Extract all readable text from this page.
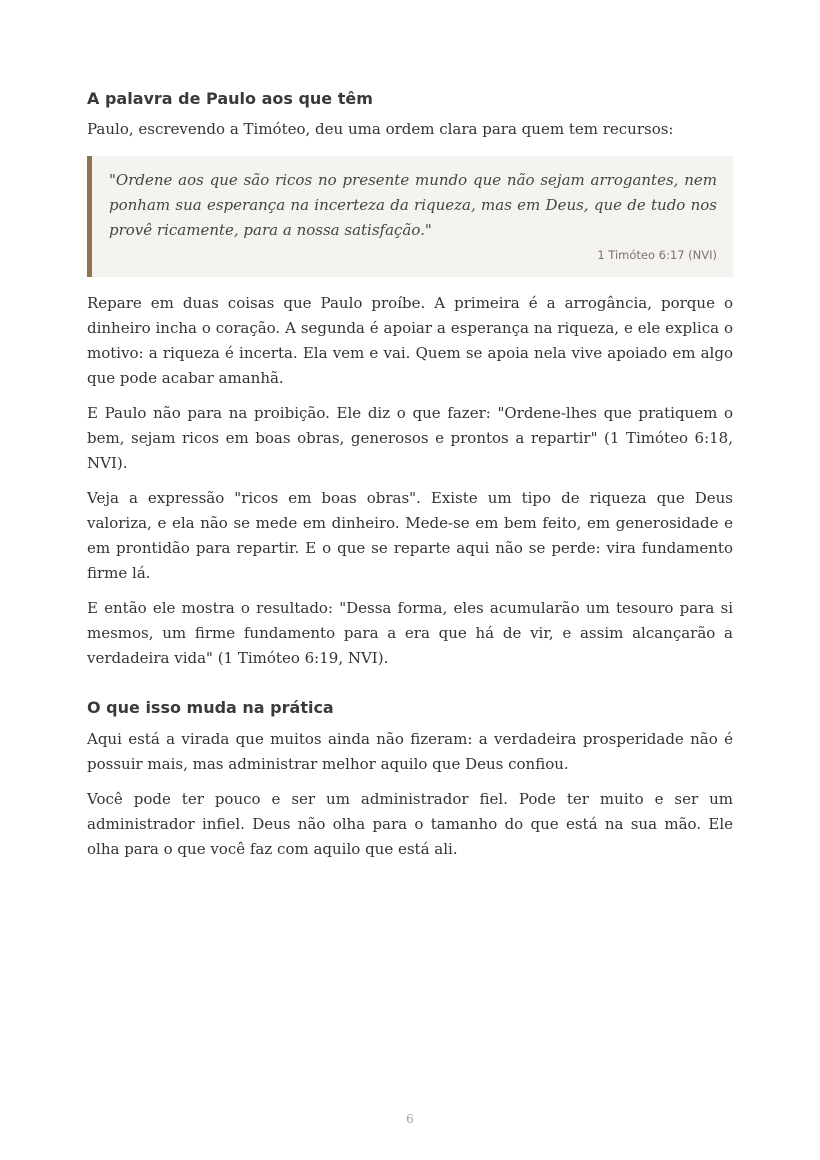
A palavra de Paulo aos que têm

Paulo, escrevendo a Timóteo, deu uma ordem clara para quem tem recursos:

"Ordene aos que são ricos no presente mundo que não sejam arrogantes, nem ponham sua esperança na incerteza da riqueza, mas em Deus, que de tudo nos provê ricamente, para a nossa satisfação."
1 Timóteo 6:17 (NVI)

Repare em duas coisas que Paulo proíbe. A primeira é a arrogância, porque o dinheiro incha o coração. A segunda é apoiar a esperança na riqueza, e ele explica o motivo: a riqueza é incerta. Ela vem e vai. Quem se apoia nela vive apoiado em algo que pode acabar amanhã.

E Paulo não para na proibição. Ele diz o que fazer: "Ordene-lhes que pratiquem o bem, sejam ricos em boas obras, generosos e prontos a repartir" (1 Timóteo 6:18, NVI).

Veja a expressão "ricos em boas obras". Existe um tipo de riqueza que Deus valoriza, e ela não se mede em dinheiro. Mede-se em bem feito, em generosidade e em prontidão para repartir. E o que se reparte aqui não se perde: vira fundamento firme lá.

E então ele mostra o resultado: "Dessa forma, eles acumularão um tesouro para si mesmos, um firme fundamento para a era que há de vir, e assim alcançarão a verdadeira vida" (1 Timóteo 6:19, NVI).

O que isso muda na prática

Aqui está a virada que muitos ainda não fizeram: a verdadeira prosperidade não é possuir mais, mas administrar melhor aquilo que Deus confiou.

Você pode ter pouco e ser um administrador fiel. Pode ter muito e ser um administrador infiel. Deus não olha para o tamanho do que está na sua mão. Ele olha para o que você faz com aquilo que está ali.

6
